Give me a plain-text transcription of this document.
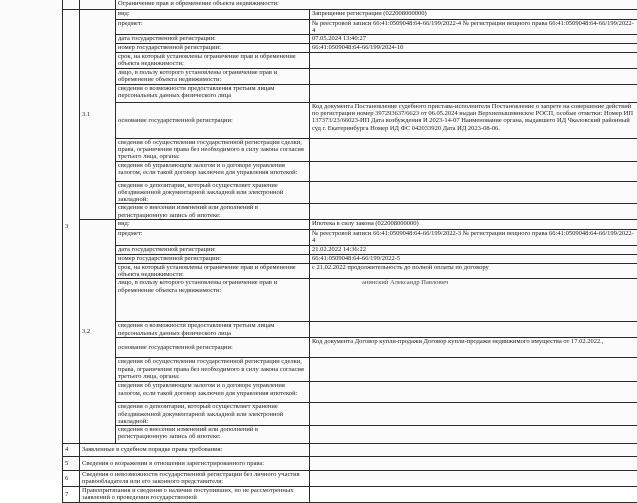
		Ограничение прав и обременение объекта недвижимости:	
3	3.1	вид:	Запрещение регистрации (022008000000)
		предмет:	№ реестровой записи 66:41:0509048:64-66/199/2022-4 № регистрации вещного права 66:41:0509048:64-66/199/2022-4
		дата государственной регистрации:	07.05.2024 13:40:27
		номер государственной регистрации:	66:41:0509048:64-66/199/2024-10
		срок, на который установлены ограничение прав и обременение объекта недвижимости:	
		лицо, в пользу которого установлены ограничение прав и обременение объекта недвижимости:	
		сведения о возможности предоставления третьим лицам персональных данных физического лица	
		основание государственной регистрации:	Код документа Постановление судебного пристава-исполнителя Постановление о запрете на совершение действий по регистрации номер 397293637/6623 от 06.05.2024 выдан Верхнепышминское РОСП, особые отметки: Номер ИП 137373/23/66023-ИП Дата возбуждения И 2023-14-07 Наименование органа, выдавшего ИД Чкаловский районный суд г. Екатеринбурга Номер ИД ФС 042033920 Дата ИД 2023-08-06.
		сведения об осуществлении государственной регистрации сделки, права, ограничения права без необходимого в силу закона согласия третьего лица, органа:	
		сведения об управляющем залогом и о договоре управления залогом, если такой договор заключен для управления ипотекой:	
		сведения о депозитарии, который осуществляет хранение обездвиженной документарной закладной или электронной закладной:	
		сведения о внесении изменений или дополнений в регистрационную запись об ипотеке:	
	3.2	вид:	Ипотека в силу закона (022008000000)
		предмет:	№ реестровой записи 66:41:0509048:64-66/199/2022-3 № регистрации вещного права 66:41:0509048:64-66/199/2022-4
		дата государственной регистрации:	21.02.2022 14:36:22
		номер государственной регистрации:	66:41:0509048:64-66/199/2022-5
		срок, на который установлены ограничение прав и обременение объекта недвижимости:	с 21.02.2022 продолжительность до полной оплаты по договору
		лицо, в пользу которого установлены ограничение прав и обременение объекта недвижимости:	анинский Александр Павлович
		сведения о возможности предоставления третьим лицам персональных данных физического лица	
		основание государственной регистрации:	Код документа Договор купли-продажи Договор купли-продажи недвижимого имущества от 17.02.2022.,
		сведения об осуществлении государственной регистрации сделки, права, ограничения права без необходимого в силу закона согласия третьего лица, органа:	
		сведения об управляющем залогом и о договоре управления залогом, если такой договор заключен для управления ипотекой:	
		сведения о депозитарии, который осуществляет хранение обездвиженной документарной закладной или электронной закладной:	
		сведения о внесении изменений или дополнений в регистрационную запись об ипотеке:	
4	Заявленные в судебном порядке права требования:		
5	Сведения о возражении в отношении зарегистрированного права:		
6	Сведения о невозможности государственной регистрации без личного участия правообладателя или его законного представителя:		
7	Правопритязания и сведения о наличии поступивших, но не рассмотренных заявлений о проведении государственной		
